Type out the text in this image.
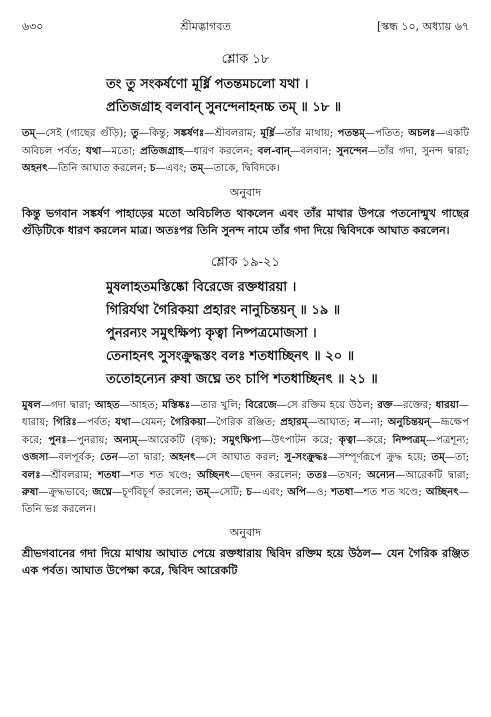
৬৩০	শ্রীমদ্ভাগবত	[স্কন্ধ ১০, অধ্যায় ৬৭
শ্লোক ১৮
তং তু সংকর্ষণো মূর্ধ্নি পতন্তমচলো যথা ।
প্রতিজগ্রাহ বলবান্ সুনন্দেনাহনচ্চ তম্ ॥ ১৮ ॥
তম্—সেই (গাছের গুঁড়ি); তু—কিন্তু; সঙ্কর্ষণঃ—শ্রীবলরাম; মূর্ধ্নি—তাঁর মাথায়; পতন্তম্—পতিত; অচলঃ—একটি অবিচল পর্বত; যথা—মতো; প্রতিজগ্রাহ—ধারণ করলেন; বল-বান্—বলবান; সুনন্দেন—তাঁর গদা, সুনন্দ দ্বারা; অহনৎ—তিনি আঘাত করলেন; চ—এবং; তম্—তাকে, দ্বিবিদকে।
অনুবাদ
কিন্তু ভগবান সঙ্কর্ষণ পাহাড়ের মতো অবিচলিত থাকলেন এবং তাঁর মাথার উপরে পতনোন্মুখ গাছের গুঁড়িটিকে ধারণ করলেন মাত্র। অতঃপর তিনি সুনন্দ নামে তাঁর গদা দিয়ে দ্বিবিদকে আঘাত করলেন।
শ্লোক ১৯-২১
মুষলাহতমস্তিষ্কো বিরেজে রক্তধারয়া ।
গিরির্যথা গৈরিকয়া প্রহারং নানুচিন্তয়ন্ ॥ ১৯ ॥
পুনরন্যং সমুৎক্ষিপ্য কৃত্বা নিষ্পত্রমোজসা ।
তেনাহনৎ সুসংক্রুদ্ধস্তং বলঃ শতধাচ্ছিনৎ ॥ ২০ ॥
ততোহন্যেন রুষা জঘ্নে তং চাপি শতধাচ্ছিনৎ ॥ ২১ ॥
মুষল—গদা দ্বারা; আহত—আহত; মস্তিষ্কঃ—তার খুলি; বিরেজে—সে রক্তিম হয়ে উঠল; রক্ত—রক্তের; ধারয়া—ধারায়; গিরিঃ—পর্বত; যথা—যেমন; গৈরিকয়া—গৈরিক রঞ্জিত; প্রহারম্—আঘাত; ন—না; অনুচিন্তয়ন্—ভ্রূক্ষেপ করে; পুনঃ—পুনরায়; অন্যম্—আরেকটি (বৃক্ষ); সমুৎক্ষিপ্য—উৎপাটন করে; কৃত্বা—করে; নিষ্পত্রম্—পত্রশূন্য; ওজসা—বলপূর্বক; তেন—তা দ্বারা; অহনৎ—সে আঘাত করল; সু-সংক্রুদ্ধঃ—সম্পূর্ণরূপে ক্রুদ্ধ হয়ে; তম্—তা; বলঃ—শ্রীবলরাম; শতধা—শত শত খণ্ডে; অচ্ছিনৎ—ছেদন করলেন; ততঃ—তখন; অন্যেন—আরেকটি দ্বারা; রুষা—ক্রুদ্ধভাবে; জঘ্নে—চূর্ণবিচূর্ণ করলেন; তম্—সেটি; চ—এবং; অপি—ও; শতধা—শত শত খণ্ডে; অচ্ছিনৎ—তিনি ভগ্ন করলেন।
অনুবাদ
শ্রীভগবানের গদা দিয়ে মাথায় আঘাত পেয়ে রক্তধারায় দ্বিবিদ রক্তিম হয়ে উঠল— যেন গৈরিক রঞ্জিত এক পর্বত। আঘাত উপেক্ষা করে, দ্বিবিদ আরেকটি
